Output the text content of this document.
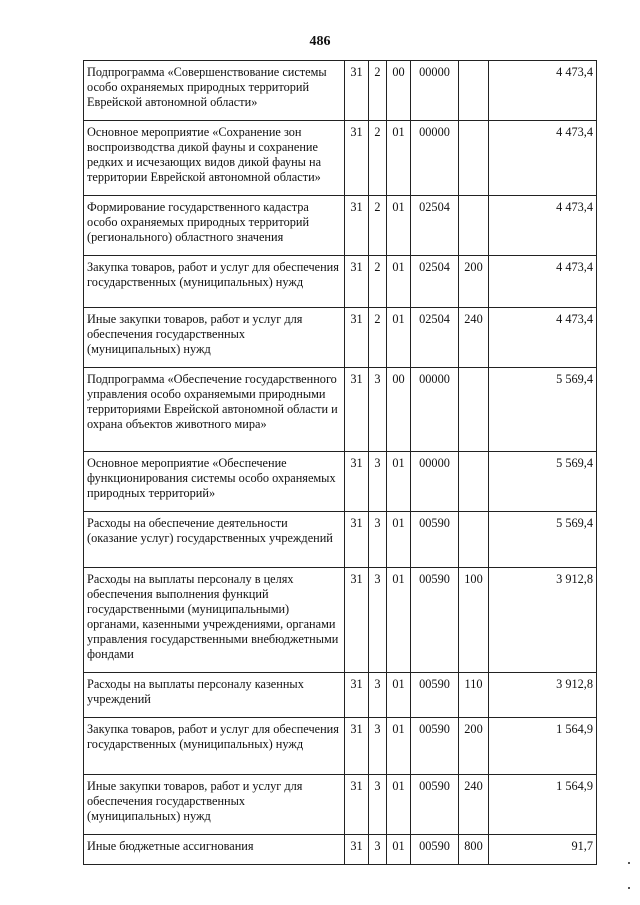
486
Подпрограмма «Совершенствование системы особо охраняемых природных территорий Еврейской автономной области»	31	2	00	00000		4 473,4
Основное мероприятие «Сохранение зон воспроизводства дикой фауны и сохранение редких и исчезающих видов дикой фауны на территории Еврейской автономной области»	31	2	01	00000		4 473,4
Формирование государственного кадастра особо охраняемых природных территорий (регионального) областного значения	31	2	01	02504		4 473,4
Закупка товаров, работ и услуг для обеспечения государственных (муниципальных) нужд	31	2	01	02504	200	4 473,4
Иные закупки товаров, работ и услуг для обеспечения государственных (муниципальных) нужд	31	2	01	02504	240	4 473,4
Подпрограмма «Обеспечение государственного управления особо охраняемыми природными территориями Еврейской автономной области и охрана объектов животного мира»	31	3	00	00000		5 569,4
Основное мероприятие «Обеспечение функционирования системы особо охраняемых природных территорий»	31	3	01	00000		5 569,4
Расходы на обеспечение деятельности (оказание услуг) государственных учреждений	31	3	01	00590		5 569,4
Расходы на выплаты персоналу в целях обеспечения выполнения функций государственными (муниципальными) органами, казенными учреждениями, органами управления государственными внебюджетными фондами	31	3	01	00590	100	3 912,8
Расходы на выплаты персоналу казенных учреждений	31	3	01	00590	110	3 912,8
Закупка товаров, работ и услуг для обеспечения государственных (муниципальных) нужд	31	3	01	00590	200	1 564,9
Иные закупки товаров, работ и услуг для обеспечения государственных (муниципальных) нужд	31	3	01	00590	240	1 564,9
Иные бюджетные ассигнования	31	3	01	00590	800	91,7
